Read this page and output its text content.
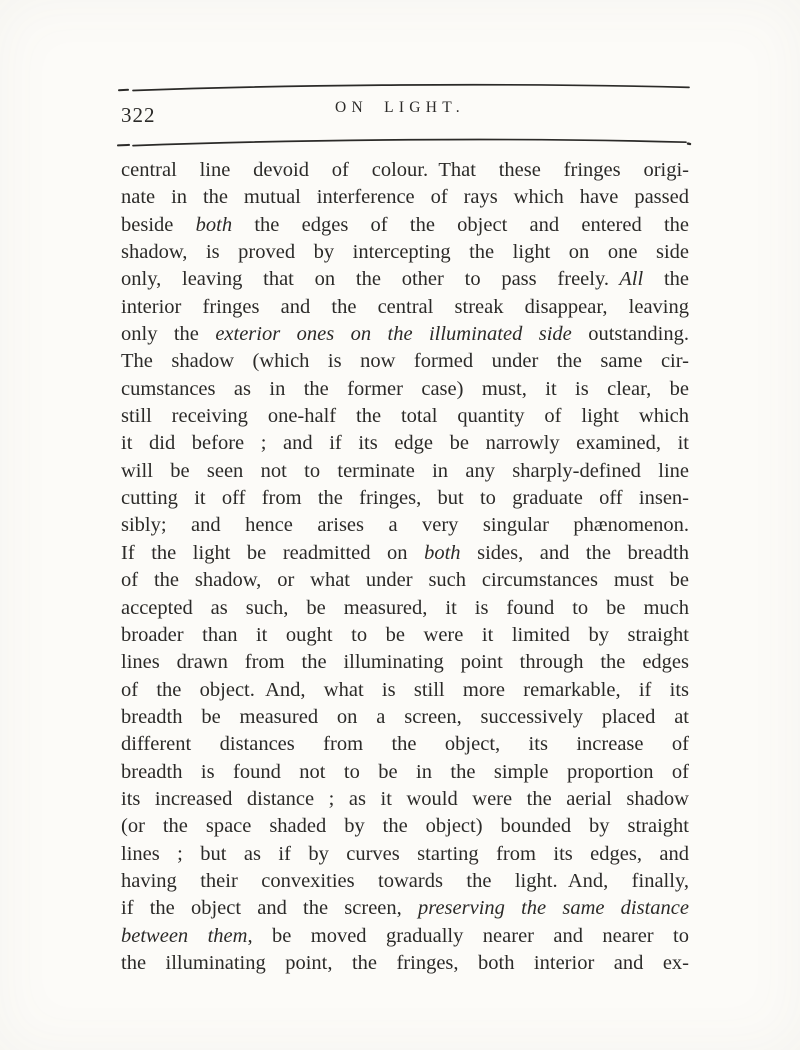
322	ON LIGHT.
central line devoid of colour. That these fringes origi-
nate in the mutual interference of rays which have passed
beside both the edges of the object and entered the
shadow, is proved by intercepting the light on one side
only, leaving that on the other to pass freely. All the
interior fringes and the central streak disappear, leaving
only the exterior ones on the illuminated side outstanding.
The shadow (which is now formed under the same cir-
cumstances as in the former case) must, it is clear, be
still receiving one-half the total quantity of light which
it did before ; and if its edge be narrowly examined, it
will be seen not to terminate in any sharply-defined line
cutting it off from the fringes, but to graduate off insen-
sibly; and hence arises a very singular phænomenon.
If the light be readmitted on both sides, and the breadth
of the shadow, or what under such circumstances must be
accepted as such, be measured, it is found to be much
broader than it ought to be were it limited by straight
lines drawn from the illuminating point through the edges
of the object. And, what is still more remarkable, if its
breadth be measured on a screen, successively placed at
different distances from the object, its increase of
breadth is found not to be in the simple proportion of
its increased distance ; as it would were the aerial shadow
(or the space shaded by the object) bounded by straight
lines ; but as if by curves starting from its edges, and
having their convexities towards the light. And, finally,
if the object and the screen, preserving the same distance
between them, be moved gradually nearer and nearer to
the illuminating point, the fringes, both interior and ex-
